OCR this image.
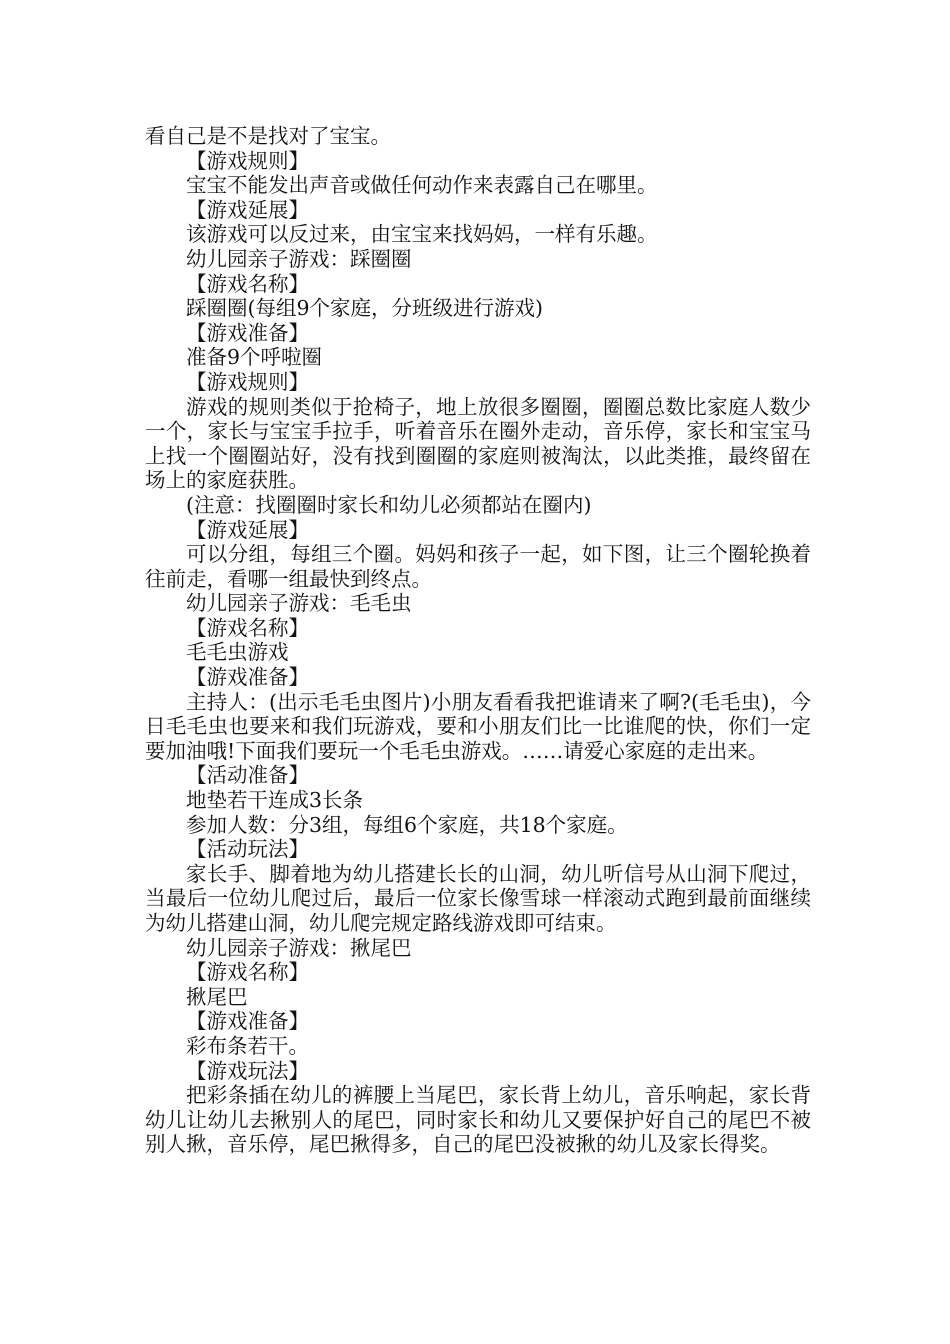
看自己是不是找对了宝宝。

【游戏规则】

宝宝不能发出声音或做任何动作来表露自己在哪里。

【游戏延展】

该游戏可以反过来，由宝宝来找妈妈，一样有乐趣。

幼儿园亲子游戏：踩圈圈

【游戏名称】

踩圈圈(每组9个家庭，分班级进行游戏)

【游戏准备】

准备9个呼啦圈

【游戏规则】

游戏的规则类似于抢椅子，地上放很多圈圈，圈圈总数比家庭人数少一个，家长与宝宝手拉手，听着音乐在圈外走动，音乐停，家长和宝宝马上找一个圈圈站好，没有找到圈圈的家庭则被淘汰，以此类推，最终留在场上的家庭获胜。

(注意：找圈圈时家长和幼儿必须都站在圈内)

【游戏延展】

可以分组，每组三个圈。妈妈和孩子一起，如下图，让三个圈轮换着往前走，看哪一组最快到终点。

幼儿园亲子游戏：毛毛虫

【游戏名称】

毛毛虫游戏

【游戏准备】

主持人：(出示毛毛虫图片)小朋友看看我把谁请来了啊?(毛毛虫)，今日毛毛虫也要来和我们玩游戏，要和小朋友们比一比谁爬的快，你们一定要加油哦!下面我们要玩一个毛毛虫游戏。……请爱心家庭的走出来。

【活动准备】

地垫若干连成3长条

参加人数：分3组，每组6个家庭，共18个家庭。

【活动玩法】

家长手、脚着地为幼儿搭建长长的山洞，幼儿听信号从山洞下爬过，当最后一位幼儿爬过后，最后一位家长像雪球一样滚动式跑到最前面继续为幼儿搭建山洞，幼儿爬完规定路线游戏即可结束。

幼儿园亲子游戏：揪尾巴

【游戏名称】

揪尾巴

【游戏准备】

彩布条若干。

【游戏玩法】

把彩条插在幼儿的裤腰上当尾巴，家长背上幼儿，音乐响起，家长背幼儿让幼儿去揪别人的尾巴，同时家长和幼儿又要保护好自己的尾巴不被别人揪，音乐停，尾巴揪得多，自己的尾巴没被揪的幼儿及家长得奖。
